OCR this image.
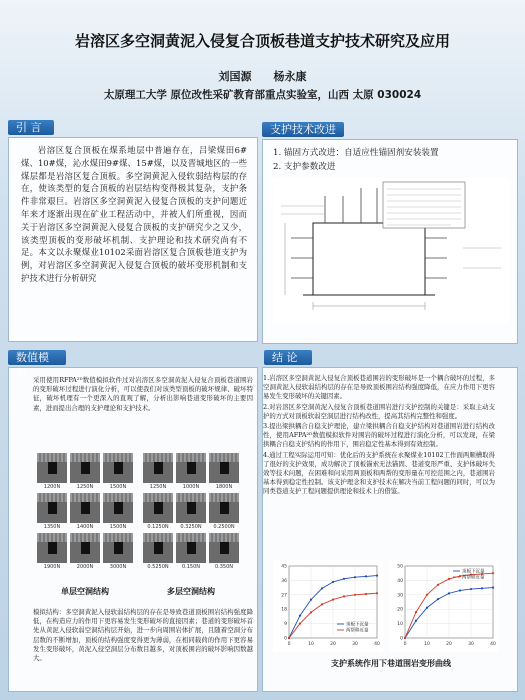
岩溶区多空洞黄泥入侵复合顶板巷道支护技术研究及应用
刘国源　　杨永康
太原理工大学 原位改性采矿教育部重点实验室，山西 太原 030024
引 言

岩溶区复合顶板在煤系地层中普遍存在，吕梁煤田6#煤、10#煤，沁水煤田9#煤、15#煤，以及晋城地区的一些煤层都是岩溶区复合顶板。多空洞黄泥入侵软弱结构层的存在，使该类型的复合顶板的岩层结构变得极其复杂，支护条件非常艰巨。岩溶区多空洞黄泥入侵复合顶板的支护问题近年来才逐渐出现在矿业工程活动中，并被人们所重视，因而关于岩溶区多空洞黄泥入侵复合顶板的支护研究少之又少，该类型顶板的变形破坏机制、支护理论和技术研究尚有不足。本文以永聚煤业10102采面岩溶区复合顶板巷道支护为例，对岩溶区多空洞黄泥入侵复合顶板的破坏变形机制和支护技术进行分析研究

支护技术改进
1. 锚固方式改进：自适应性锚固剂安装装置
2. 支护参数改进
数值模

采用使用RFPA²ᴰ数值模拟软件过对岩溶区多空洞黄泥入侵复合顶板巷道围岩的变形破坏过程进行演化分析，可以使我们对该类型顶板的破坏规律、破坏特征，破坏机理有一个更深入的直观了解，分析出影响巷道变形破坏的主要因素，进而提出合理的支护理论和支护技术。

1200N	1250N	1500N
1350N	1400N	1500N
1900N	2000N	3000N
1250N	1000N	1800N
0.1250N	0.3250N	0.2500N
0.5250N	0.150N	0.350N
单层空洞结构	多层空洞结构

模拟结构：多空洞黄泥入侵软弱结构层的存在是导致巷道顶板围岩结构强度降低，在构造应力的作用下更容易发生变形破坏的直接因素；巷道的变形破坏首先从黄泥入侵软弱空洞结构层开始，进一步向周围岩体扩展，且随着空洞分布层数的不断增加，顶板的结构强度变得更为薄弱，在相同载荷的作用下更容易发生变形破坏，黄泥入侵空洞层分布数目越多，对顶板围岩的破坏影响因数越大。

结 论

1.岩溶区多空洞黄泥入侵复合顶板巷道围岩的变形破坏是一个耦合破坏的过程，多空洞黄泥入侵软弱结构层的存在是导致顶板围岩结构强度降低，在应力作用下更容易发生变形破坏的关键因素。

2.对岩溶区多空洞黄泥入侵复合顶板巷道围岩进行支护控制的关键是：采取主动支护的方式对顶板软弱空洞层进行结构改性，提高其结构完整性和强度。

3.提出梁拱耦合自稳支护理论，建立梁拱耦合自稳支护结构对巷道围岩进行结构改性，使用AFPA²ᴰ数值模拟软件对围岩的破坏过程进行演化分析，可以发现，在梁拱耦合自稳支护结构的作用下，围岩稳定性基本得到有效控制。

4.通过工程实际运用可知：优化后的支护系统在永聚煤业10102工作面两顺槽取得了很好的支护效果，成功解决了顶板锚索无法锚固、巷道变形严重、支护体破坏失效等技术问题，在困难和问采用两顶板和两帮的变形量在可控范围之内，巷道围岩基本得到稳定性控制。该支护理念和支护技术在解决当前工程问题的同时，可以为同类巷道支护工程问题提供理论和技术上的借鉴。

0	10	20	30	40
0
9
18
27
36
45
顶板下沉量
两帮移近量
0	10	20	30	40
0
10
20
30
40
50
顶板下沉量
两帮移近量
支护系统作用下巷道围岩变形曲线
